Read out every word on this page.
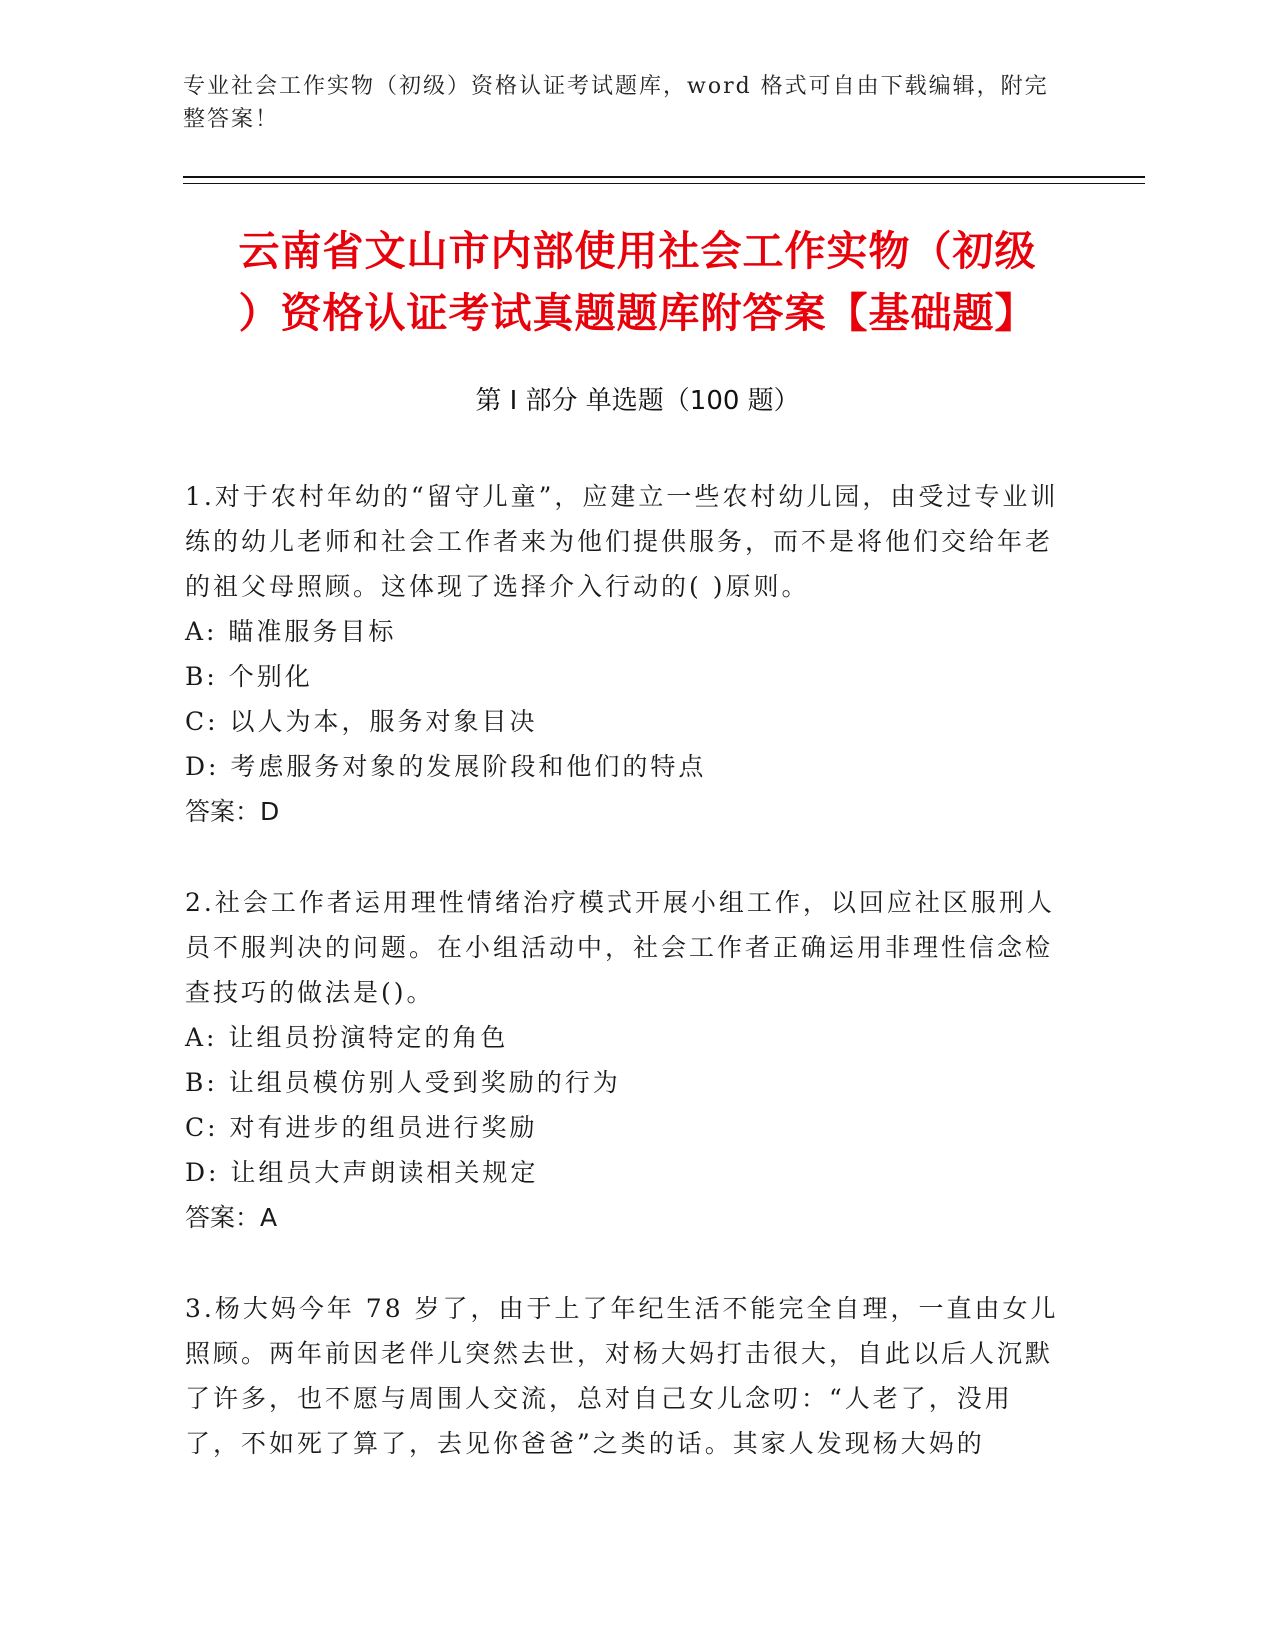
专业社会工作实物（初级）资格认证考试题库，word 格式可自由下载编辑，附完整答案！
云南省文山市内部使用社会工作实物（初级
）资格认证考试真题题库附答案【基础题】
第 I 部分 单选题（100 题）

1.对于农村年幼的“留守儿童”，应建立一些农村幼儿园，由受过专业训练的幼儿老师和社会工作者来为他们提供服务，而不是将他们交给年老的祖父母照顾。这体现了选择介入行动的( )原则。

A: 瞄准服务目标

B: 个别化

C: 以人为本，服务对象目决

D: 考虑服务对象的发展阶段和他们的特点

答案：D

2.社会工作者运用理性情绪治疗模式开展小组工作，以回应社区服刑人员不服判决的问题。在小组活动中，社会工作者正确运用非理性信念检查技巧的做法是()。

A: 让组员扮演特定的角色

B: 让组员模仿别人受到奖励的行为

C: 对有进步的组员进行奖励

D: 让组员大声朗读相关规定

答案：A

3.杨大妈今年 78 岁了，由于上了年纪生活不能完全自理，一直由女儿照顾。两年前因老伴儿突然去世，对杨大妈打击很大，自此以后人沉默了许多，也不愿与周围人交流，总对自己女儿念叨：“人老了，没用了，不如死了算了，去见你爸爸”之类的话。其家人发现杨大妈的
